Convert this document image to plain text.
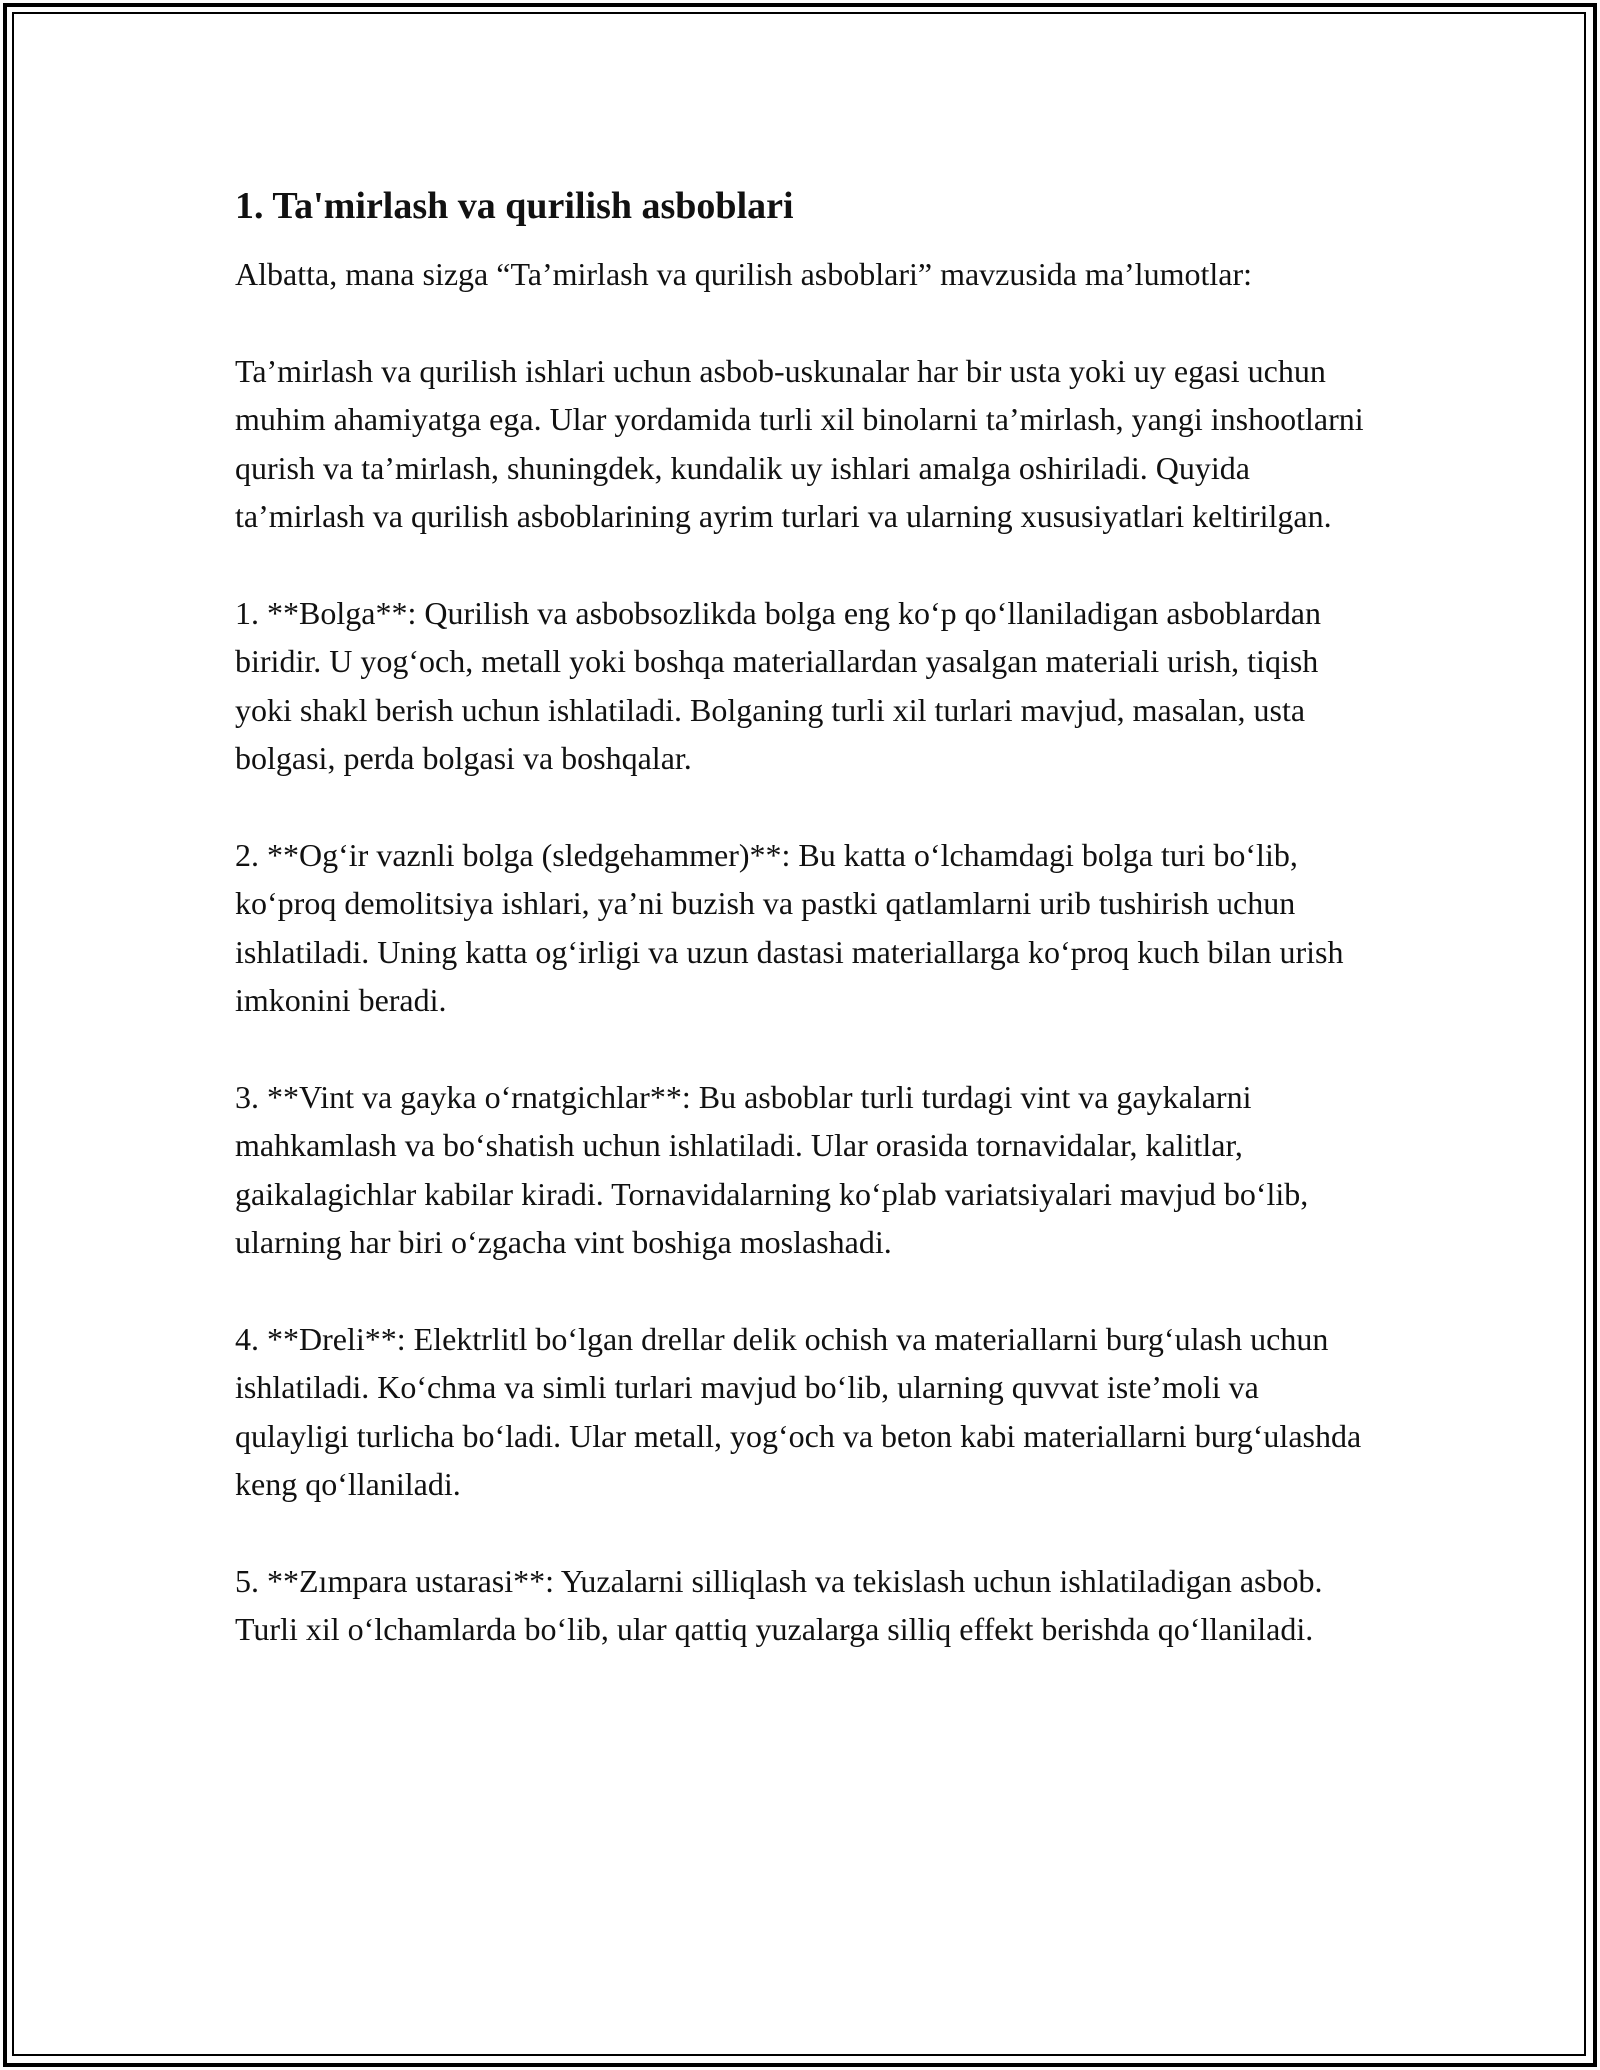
1. Ta'mirlash va qurilish asboblari

Albatta, mana sizga “Ta’mirlash va qurilish asboblari” mavzusida ma’lumotlar:

Ta’mirlash va qurilish ishlari uchun asbob-uskunalar har bir usta yoki uy egasi uchun muhim ahamiyatga ega. Ular yordamida turli xil binolarni ta’mirlash, yangi inshootlarni qurish va ta’mirlash, shuningdek, kundalik uy ishlari amalga oshiriladi. Quyida ta’mirlash va qurilish asboblarining ayrim turlari va ularning xususiyatlari keltirilgan.

1. **Bolga**: Qurilish va asbobsozlikda bolga eng koʻp qoʻllaniladigan asboblardan biridir. U yogʻoch, metall yoki boshqa materiallardan yasalgan materiali urish, tiqish yoki shakl berish uchun ishlatiladi. Bolganing turli xil turlari mavjud, masalan, usta bolgasi, perda bolgasi va boshqalar.

2. **Ogʻir vaznli bolga (sledgehammer)**: Bu katta oʻlchamdagi bolga turi boʻlib, koʻproq demolitsiya ishlari, ya’ni buzish va pastki qatlamlarni urib tushirish uchun ishlatiladi. Uning katta ogʻirligi va uzun dastasi materiallarga koʻproq kuch bilan urish imkonini beradi.

3. **Vint va gayka oʻrnatgichlar**: Bu asboblar turli turdagi vint va gaykalarni mahkamlash va boʻshatish uchun ishlatiladi. Ular orasida tornavidalar, kalitlar, gaikalagichlar kabilar kiradi. Tornavidalarning koʻplab variatsiyalari mavjud boʻlib, ularning har biri oʻzgacha vint boshiga moslashadi.

4. **Dreli**: Elektrlitl boʻlgan drellar delik ochish va materiallarni burgʻulash uchun ishlatiladi. Koʻchma va simli turlari mavjud boʻlib, ularning quvvat iste’moli va qulayligi turlicha boʻladi. Ular metall, yogʻoch va beton kabi materiallarni burgʻulashda keng qoʻllaniladi.

5. **Zımpara ustarasi**: Yuzalarni silliqlash va tekislash uchun ishlatiladigan asbob. Turli xil oʻlchamlarda boʻlib, ular qattiq yuzalarga silliq effekt berishda qoʻllaniladi.
